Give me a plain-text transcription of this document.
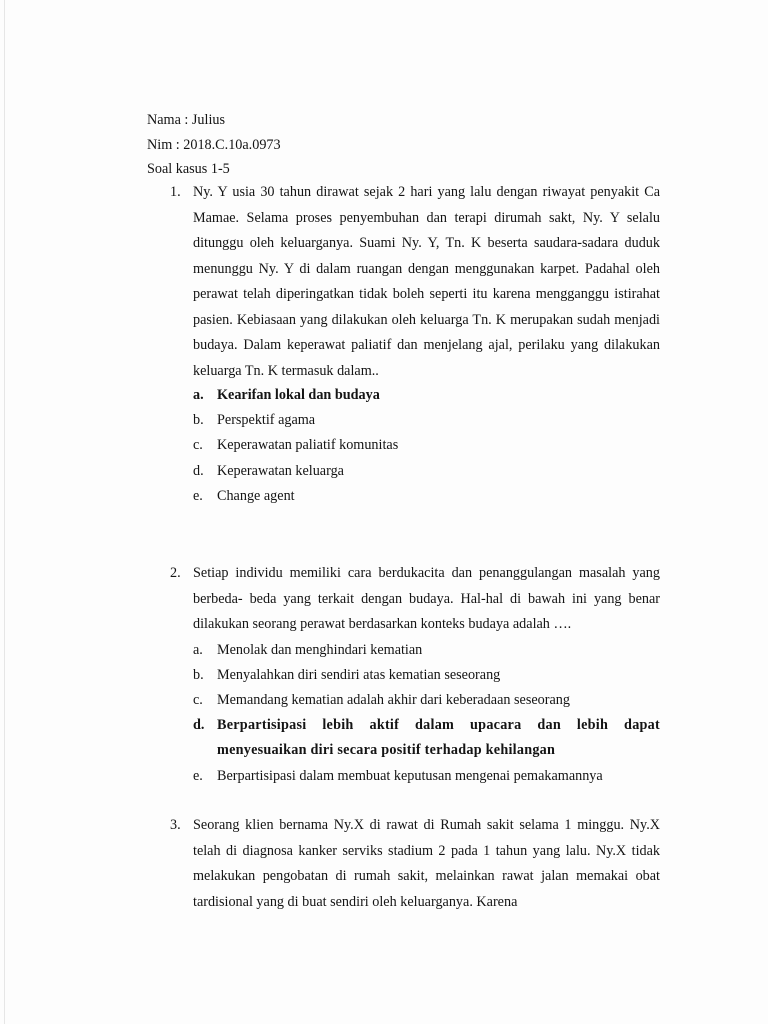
Nama : Julius
Nim : 2018.C.10a.0973
Soal kasus 1-5
1. Ny. Y usia 30 tahun dirawat sejak 2 hari yang lalu dengan riwayat penyakit Ca Mamae. Selama proses penyembuhan dan terapi dirumah sakt, Ny. Y selalu ditunggu oleh keluarganya. Suami Ny. Y, Tn. K beserta saudara-sadara duduk menunggu Ny. Y di dalam ruangan dengan menggunakan karpet. Padahal oleh perawat telah diperingatkan tidak boleh seperti itu karena mengganggu istirahat pasien. Kebiasaan yang dilakukan oleh keluarga Tn. K merupakan sudah menjadi budaya. Dalam keperawat paliatif dan menjelang ajal, perilaku yang dilakukan keluarga Tn. K termasuk dalam..
a. Kearifan lokal dan budaya
b. Perspektif agama
c. Keperawatan paliatif komunitas
d. Keperawatan keluarga
e. Change agent
2. Setiap individu memiliki cara berdukacita dan penanggulangan masalah yang berbeda- beda yang terkait dengan budaya. Hal-hal di bawah ini yang benar dilakukan seorang perawat berdasarkan konteks budaya adalah ….
a. Menolak dan menghindari kematian
b. Menyalahkan diri sendiri atas kematian seseorang
c. Memandang kematian adalah akhir dari keberadaan seseorang
d. Berpartisipasi lebih aktif dalam upacara dan lebih dapat menyesuaikan diri secara positif terhadap kehilangan
e. Berpartisipasi dalam membuat keputusan mengenai pemakamannya
3. Seorang klien bernama Ny.X di rawat di Rumah sakit selama 1 minggu. Ny.X telah di diagnosa kanker serviks stadium 2 pada 1 tahun yang lalu. Ny.X tidak melakukan pengobatan di rumah sakit, melainkan rawat jalan memakai obat tardisional yang di buat sendiri oleh keluarganya. Karena
